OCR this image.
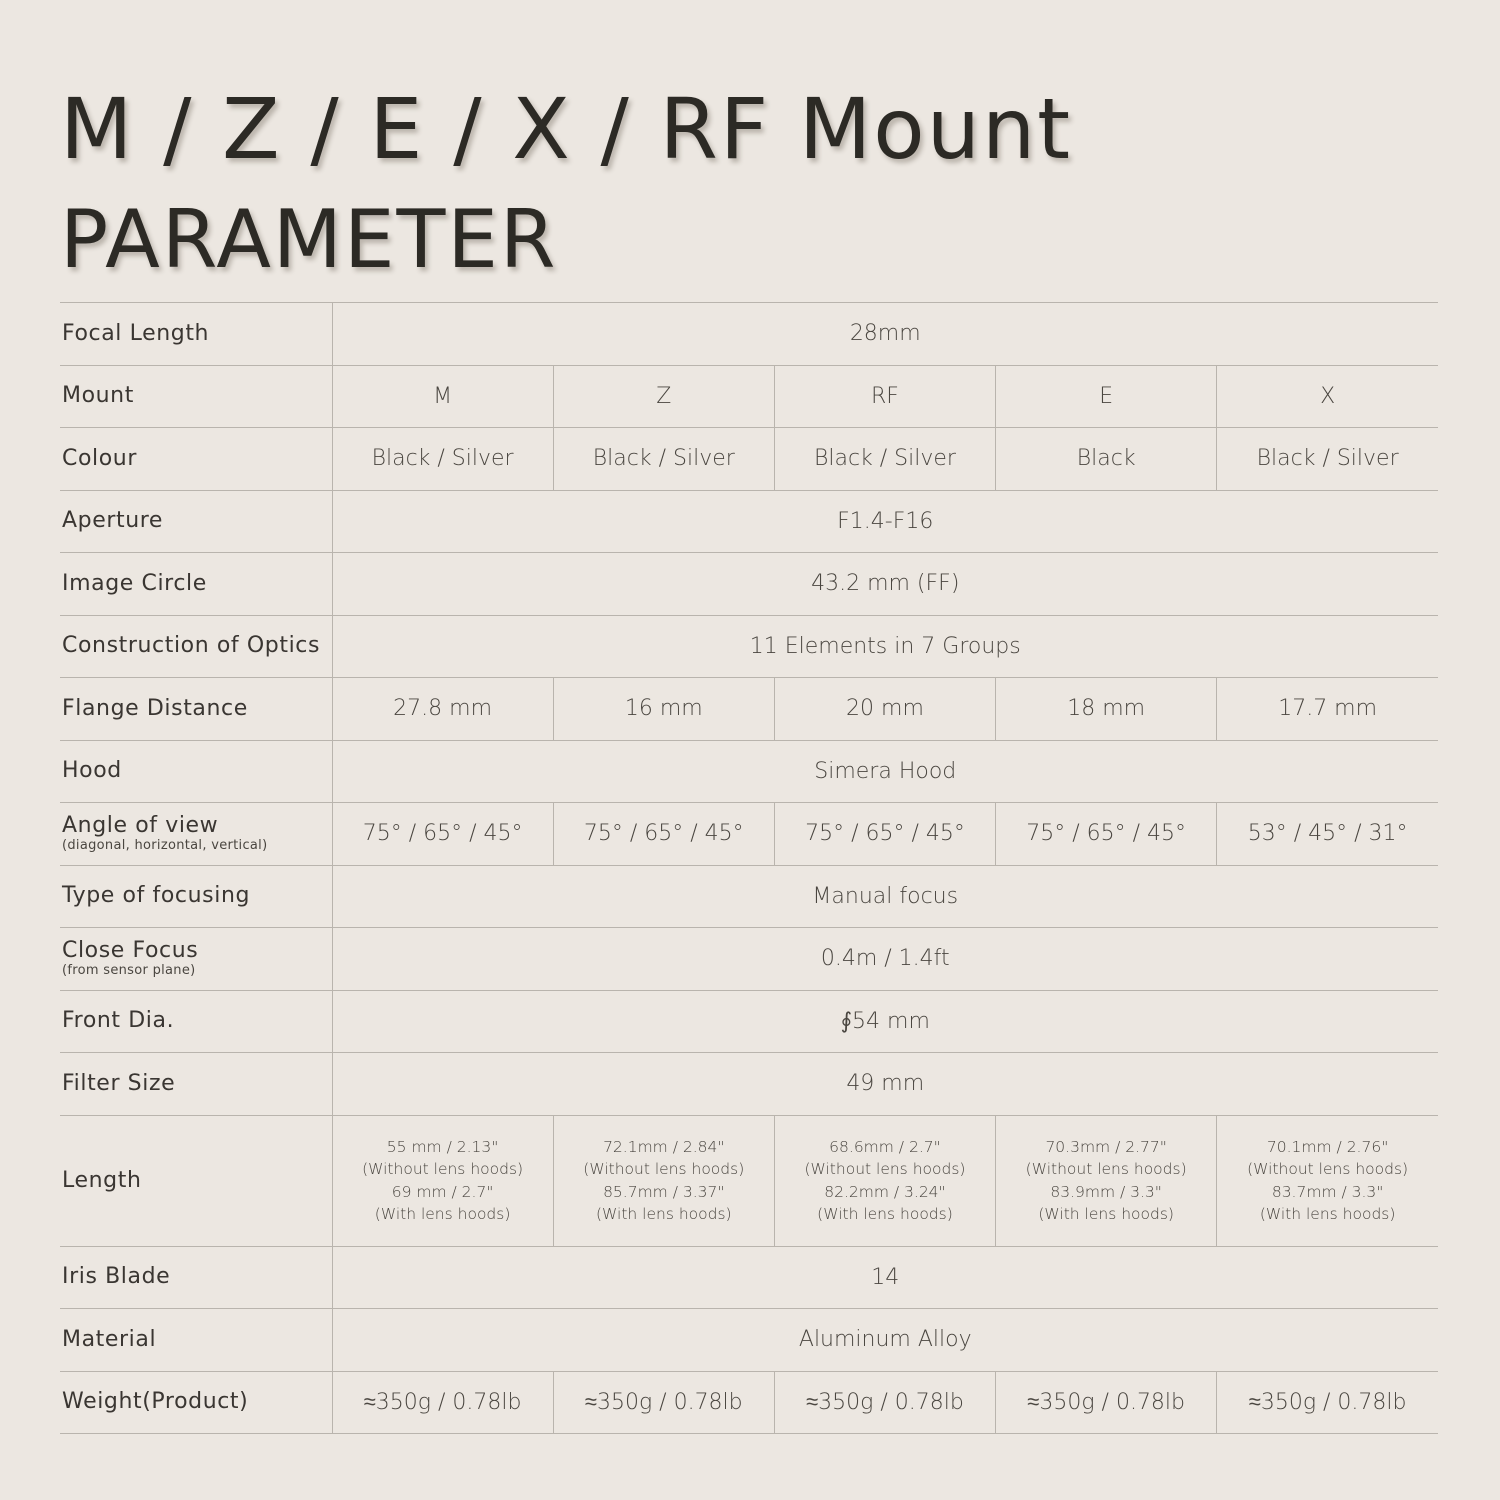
M / Z / E / X / RF Mount
PARAMETER
Focal Length	28mm				

Mount	M	Z	RF	E	X

Colour	Black / Silver	Black / Silver	Black / Silver	Black	Black / Silver

Aperture	F1.4-F16				

Image Circle	43.2 mm (FF)				

Construction of Optics	11 Elements in 7 Groups				

Flange Distance	27.8 mm	16 mm	20 mm	18 mm	17.7 mm

Hood	Simera Hood				

Angle of view
(diagonal, horizontal, vertical)	75° / 65° / 45°	75° / 65° / 45°	75° / 65° / 45°	75° / 65° / 45°	53° / 45° / 31°

Type of focusing	Manual focus				

Close Focus
(from sensor plane)	0.4m / 1.4ft				

Front Dia.	∮54 mm				

Filter Size	49 mm				

Length	55 mm / 2.13"
(Without lens hoods)
69 mm / 2.7"
(With lens hoods)	72.1mm / 2.84"
(Without lens hoods)
85.7mm / 3.37"
(With lens hoods)	68.6mm / 2.7"
(Without lens hoods)
82.2mm / 3.24"
(With lens hoods)	70.3mm / 2.77"
(Without lens hoods)
83.9mm / 3.3"
(With lens hoods)	70.1mm / 2.76"
(Without lens hoods)
83.7mm / 3.3"
(With lens hoods)

Iris Blade	14				

Material	Aluminum Alloy				

Weight(Product)	≈350g / 0.78lb	≈350g / 0.78lb	≈350g / 0.78lb	≈350g / 0.78lb	≈350g / 0.78lb
